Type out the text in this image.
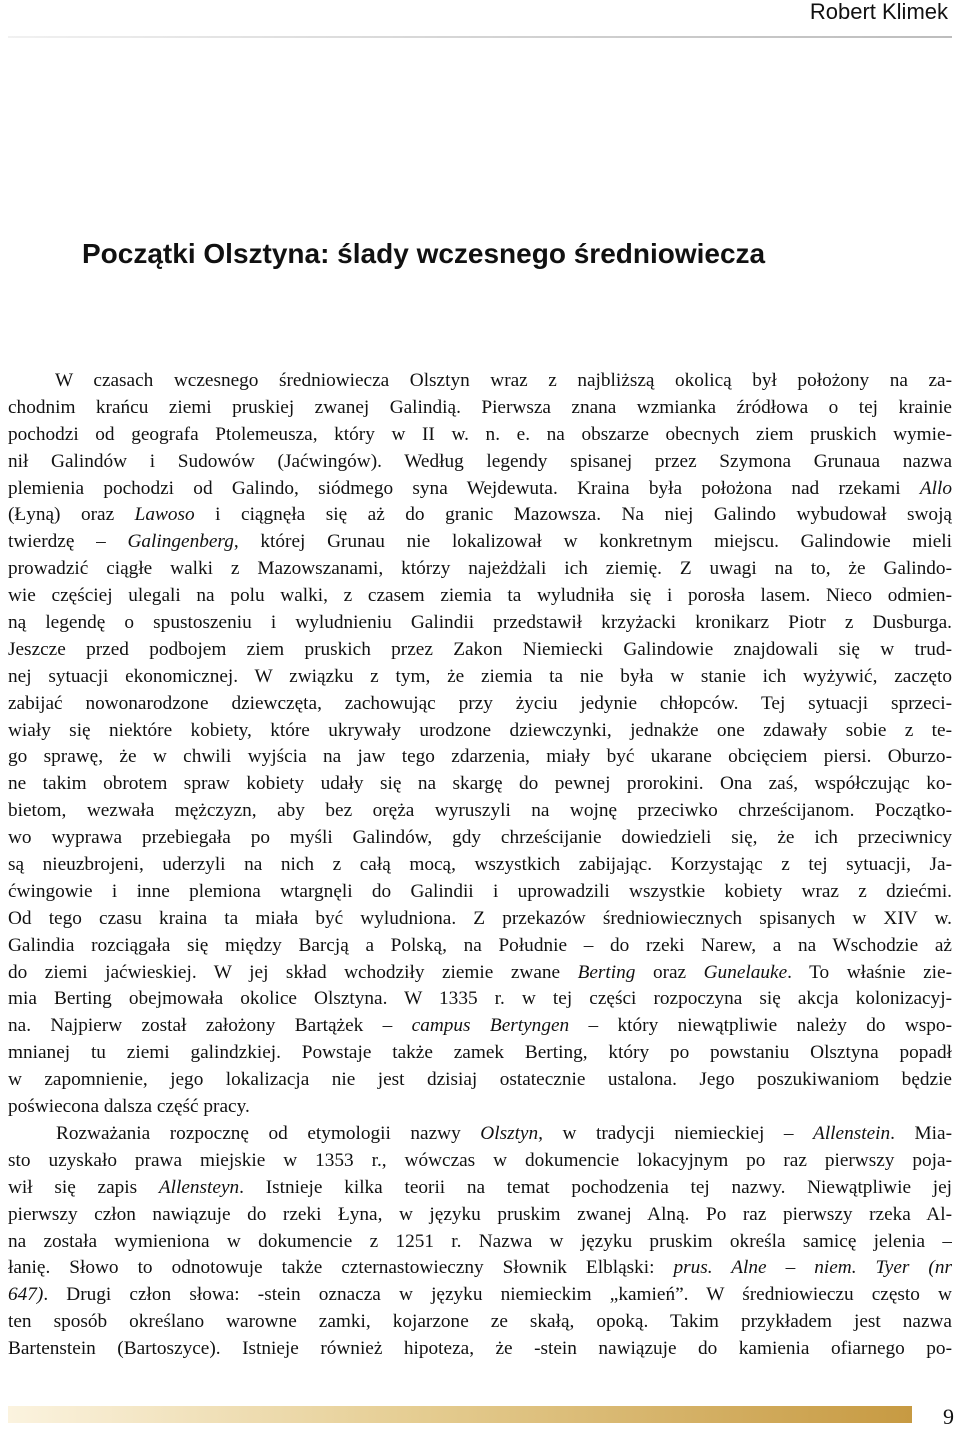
Robert Klimek
Początki Olsztyna: ślady wczesnego średniowiecza
W czasach wczesnego średniowiecza Olsztyn wraz z najbliższą okolicą był położony na za-
chodnim krańcu ziemi pruskiej zwanej Galindią. Pierwsza znana wzmianka źródłowa o tej krainie
pochodzi od geografa Ptolemeusza, który w II w. n. e. na obszarze obecnych ziem pruskich wymie-
nił Galindów i Sudowów (Jaćwingów). Według legendy spisanej przez Szymona Grunaua nazwa
plemienia pochodzi od Galindo, siódmego syna Wejdewuta. Kraina była położona nad rzekami Allo
(Łyną) oraz Lawoso i ciągnęła się aż do granic Mazowsza. Na niej Galindo wybudował swoją
twierdzę – Galingenberg, której Grunau nie lokalizował w konkretnym miejscu. Galindowie mieli
prowadzić ciągłe walki z Mazowszanami, którzy najeżdżali ich ziemię. Z uwagi na to, że Galindo-
wie częściej ulegali na polu walki, z czasem ziemia ta wyludniła się i porosła lasem. Nieco odmien-
ną legendę o spustoszeniu i wyludnieniu Galindii przedstawił krzyżacki kronikarz Piotr z Dusburga.
Jeszcze przed podbojem ziem pruskich przez Zakon Niemiecki Galindowie znajdowali się w trud-
nej sytuacji ekonomicznej. W związku z tym, że ziemia ta nie była w stanie ich wyżywić, zaczęto
zabijać nowonarodzone dziewczęta, zachowując przy życiu jedynie chłopców. Tej sytuacji sprzeci-
wiały się niektóre kobiety, które ukrywały urodzone dziewczynki, jednakże one zdawały sobie z te-
go sprawę, że w chwili wyjścia na jaw tego zdarzenia, miały być ukarane obcięciem piersi. Oburzo-
ne takim obrotem spraw kobiety udały się na skargę do pewnej prorokini. Ona zaś, współczując ko-
bietom, wezwała mężczyzn, aby bez oręża wyruszyli na wojnę przeciwko chrześcijanom. Początko-
wo wyprawa przebiegała po myśli Galindów, gdy chrześcijanie dowiedzieli się, że ich przeciwnicy
są nieuzbrojeni, uderzyli na nich z całą mocą, wszystkich zabijając. Korzystając z tej sytuacji, Ja-
ćwingowie i inne plemiona wtargnęli do Galindii i uprowadzili wszystkie kobiety wraz z dziećmi.
Od tego czasu kraina ta miała być wyludniona. Z przekazów średniowiecznych spisanych w XIV w.
Galindia rozciągała się między Barcją a Polską, na Południe – do rzeki Narew, a na Wschodzie aż
do ziemi jaćwieskiej. W jej skład wchodziły ziemie zwane Berting oraz Gunelauke. To właśnie zie-
mia Berting obejmowała okolice Olsztyna. W 1335 r. w tej części rozpoczyna się akcja kolonizacyj-
na. Najpierw został założony Bartążek – campus Bertyngen – który niewątpliwie należy do wspo-
mnianej tu ziemi galindzkiej. Powstaje także zamek Berting, który po powstaniu Olsztyna popadł
w zapomnienie, jego lokalizacja nie jest dzisiaj ostatecznie ustalona. Jego poszukiwaniom będzie
poświecona dalsza część pracy.
Rozważania rozpocznę od etymologii nazwy Olsztyn, w tradycji niemieckiej – Allenstein. Mia-
sto uzyskało prawa miejskie w 1353 r., wówczas w dokumencie lokacyjnym po raz pierwszy poja-
wił się zapis Allensteyn. Istnieje kilka teorii na temat pochodzenia tej nazwy. Niewątpliwie jej
pierwszy człon nawiązuje do rzeki Łyna, w języku pruskim zwanej Alną. Po raz pierwszy rzeka Al-
na została wymieniona w dokumencie z 1251 r. Nazwa w języku pruskim określa samicę jelenia –
łanię. Słowo to odnotowuje także czternastowieczny Słownik Elbląski: prus. Alne – niem. Tyer (nr
647). Drugi człon słowa: -stein oznacza w języku niemieckim „kamień”. W średniowieczu często w
ten sposób określano warowne zamki, kojarzone ze skałą, opoką. Takim przykładem jest nazwa
Bartenstein (Bartoszyce). Istnieje również hipoteza, że -stein nawiązuje do kamienia ofiarnego po-
9
